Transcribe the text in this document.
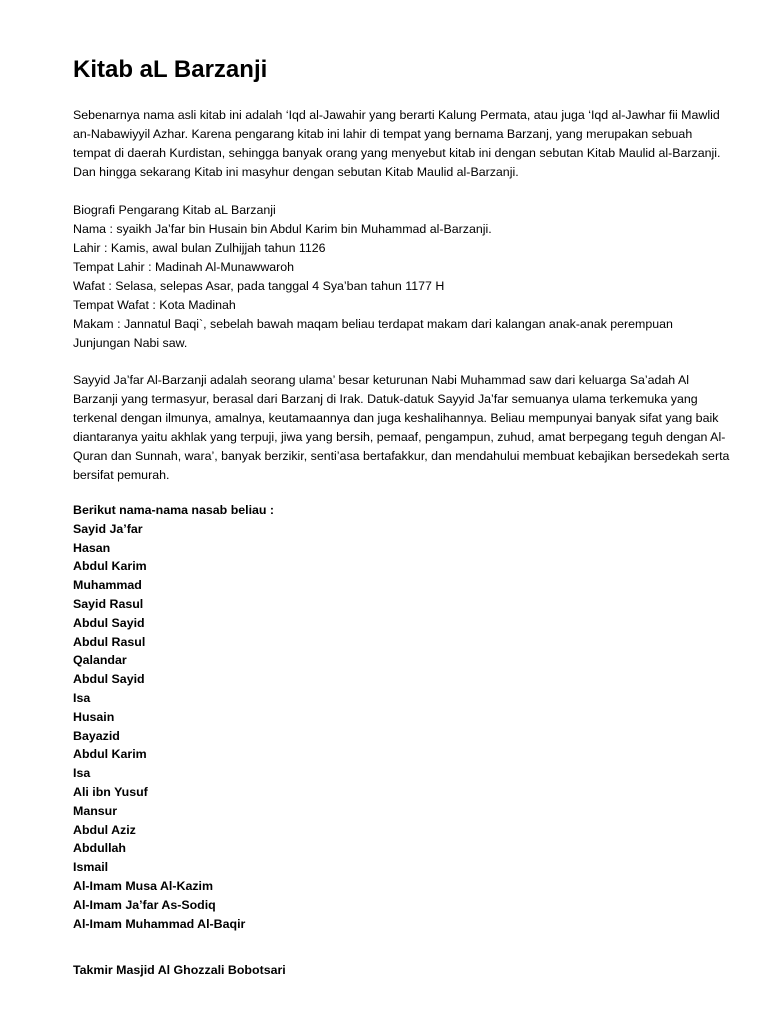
Kitab aL Barzanji

Sebenarnya nama asli kitab ini adalah ‘Iqd al-Jawahir yang berarti Kalung Permata, atau juga ‘Iqd al-Jawhar fii Mawlid an-Nabawiyyil Azhar. Karena pengarang kitab ini lahir di tempat yang bernama Barzanj, yang merupakan sebuah tempat di daerah Kurdistan, sehingga banyak orang yang menyebut kitab ini dengan sebutan Kitab Maulid al-Barzanji. Dan hingga sekarang Kitab ini masyhur dengan sebutan Kitab Maulid al-Barzanji.

Biografi Pengarang Kitab aL Barzanji
Nama : syaikh Ja’far bin Husain bin Abdul Karim bin Muhammad al-Barzanji.
Lahir : Kamis, awal bulan Zulhijjah tahun 1126
Tempat Lahir : Madinah Al-Munawwaroh
Wafat : Selasa, selepas Asar, pada tanggal 4 Sya’ban tahun 1177 H
Tempat Wafat : Kota Madinah
Makam : Jannatul Baqi`, sebelah bawah maqam beliau terdapat makam dari kalangan anak-anak perempuan Junjungan Nabi saw.

Sayyid Ja’far Al-Barzanji adalah seorang ulama’ besar keturunan Nabi Muhammad saw dari keluarga Sa’adah Al Barzanji yang termasyur, berasal dari Barzanj di Irak. Datuk-datuk Sayyid Ja’far semuanya ulama terkemuka yang terkenal dengan ilmunya, amalnya, keutamaannya dan juga keshalihannya. Beliau mempunyai banyak sifat yang baik diantaranya yaitu akhlak yang terpuji, jiwa yang bersih, pemaaf, pengampun, zuhud, amat berpegang teguh dengan Al-Quran dan Sunnah, wara’, banyak berzikir, senti’asa bertafakkur, dan mendahului membuat kebajikan bersedekah serta bersifat pemurah.

Berikut nama-nama nasab beliau :
Sayid Ja’far
Hasan
Abdul Karim
Muhammad
Sayid Rasul
Abdul Sayid
Abdul Rasul
Qalandar
Abdul Sayid
Isa
Husain
Bayazid
Abdul Karim
Isa
Ali ibn Yusuf
Mansur
Abdul Aziz
Abdullah
Ismail
Al-Imam Musa Al-Kazim
Al-Imam Ja’far As-Sodiq
Al-Imam Muhammad Al-Baqir

Takmir Masjid Al Ghozzali Bobotsari
